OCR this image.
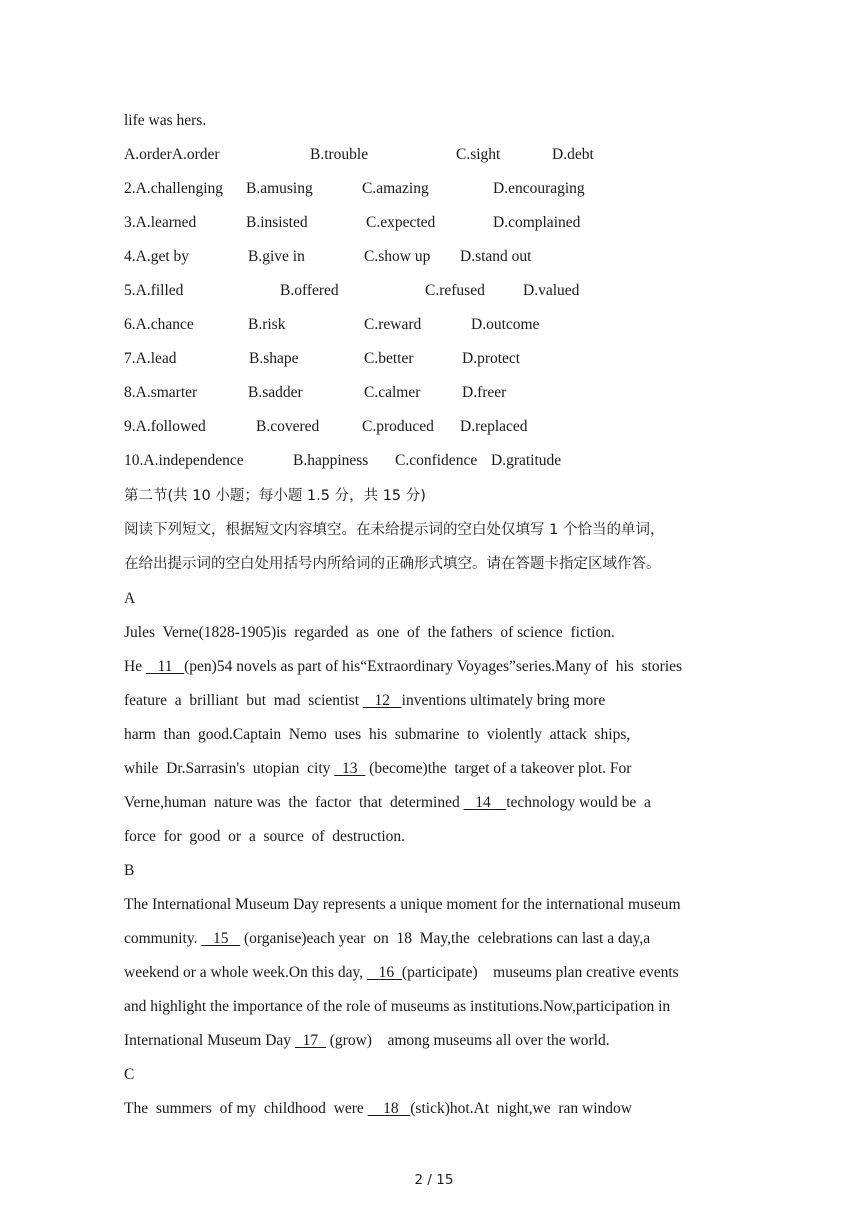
life was hers.

A.orderA.order

	B.trouble

	C.sight

	D.debt

2.A.challenging

B.amusing

	C.amazing

	D.encouraging

3.A.learned

	B.insisted

	C.expected

	D.complained

4.A.get by

	B.give in

	C.show up

D.stand out

5.A.filled

	B.offered

	C.refused

D.valued

6.A.chance

	B.risk

	C.reward

	D.outcome

7.A.lead

	B.shape

	C.better

	D.protect

8.A.smarter

	B.sadder

	C.calmer

	D.freer

9.A.followed

	B.covered

	C.produced

D.replaced

10.A.independence

	B.happiness

C.confidence

D.gratitude

第二节(共 10 小题；每小题 1.5 分，共 15 分)
阅读下列短文，根据短文内容填空。在未给提示词的空白处仅填写 1 个恰当的单词，
在给出提示词的空白处用括号内所给词的正确形式填空。请在答题卡指定区域作答。
A
Jules  Verne(1828-1905)is  regarded  as  one  of  the fathers  of science  fiction.
He    11 (pen)54 novels as part of his“Extraordinary Voyages”series.Many of  his  stories
feature  a  brilliant  but  mad  scientist    12 inventions ultimately bring more
harm  than  good.Captain  Nemo  uses  his  submarine  to  violently  attack  ships,
while  Dr.Sarrasin's  utopian  city   13   (become)the  target of a takeover plot. For
Verne,human  nature was  the  factor  that  determined    14 technology would be  a
force  for  good  or  a  source  of  destruction.
B
The International Museum Day represents a unique moment for the international museum
community.    15    (organise)each year  on  18  May,the  celebrations can last a day,a
weekend or a whole week.On this day,    16 (participate)    museums plan creative events
and highlight the importance of the role of museums as institutions.Now,participation in
International Museum Day   17   (grow)    among museums all over the world.
C
The  summers  of my  childhood  were     18 (stick)hot.At  night,we  ran window
2 / 15
